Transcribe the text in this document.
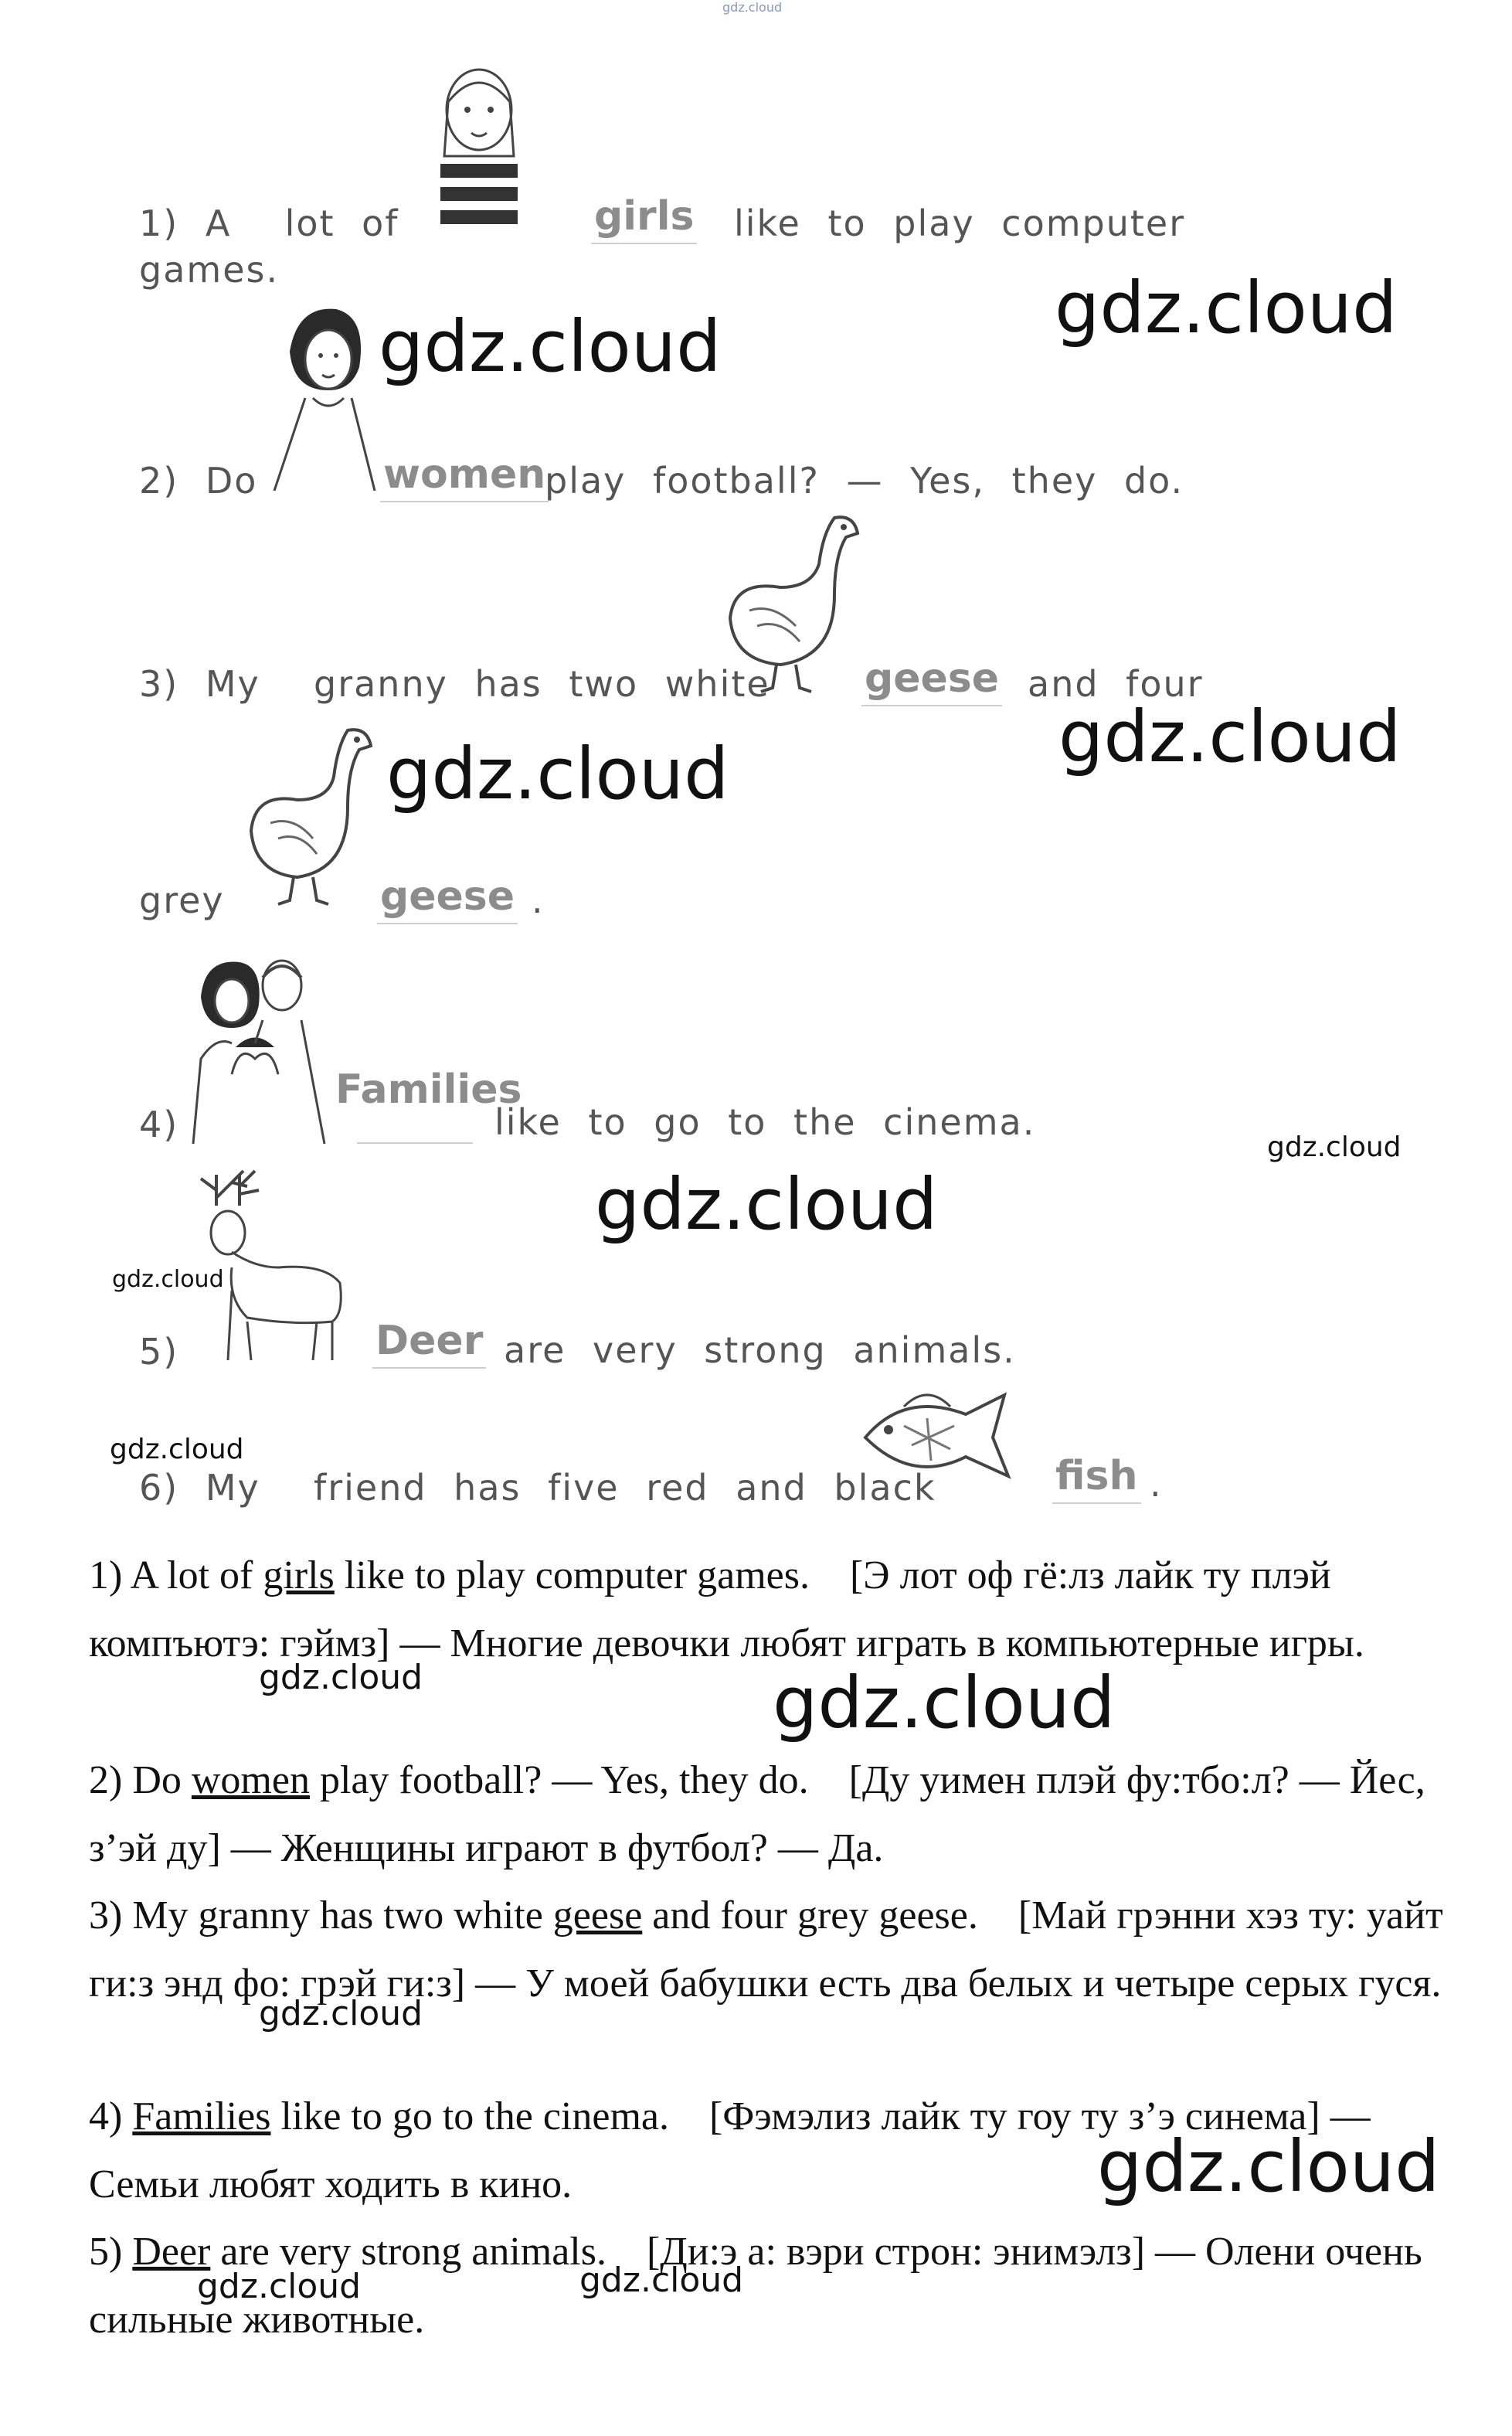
gdz.cloud
1) A lot of	girls like to play computer
games.	gdz.cloud
gdz.cloud
2) Do	women
play football? — Yes, they do.
3) My granny has two white geese and four
gdz.cloud
gdz.cloud
grey	geese .
4)
Families
like to go to the cinema.
gdz.cloud
gdz.cloud
gdz.cloud
5)	Deer are very strong animals.
gdz.cloud
6) My friend has five red and black	fish .
1) A lot of girls like to play computer games. [Э лот оф гё:лз лайк ту плэй компъютэ: гэймз] — Многие девочки любят играть в компьютерные игры.
2) Do women play football? — Yes, they do. [Ду уимен плэй фу:тбо:л? — Йес, з’эй ду] — Женщины играют в футбол? — Да.
3) My granny has two white geese and four grey geese. [Май грэнни хэз ту: уайт ги:з энд фо: грэй ги:з] — У моей бабушки есть два белых и четыре серых гуся.
4) Families like to go to the cinema. [Фэмэлиз лайк ту гоу ту з’э синема] — Семьи любят ходить в кино.
5) Deer are very strong animals. [Ди:э а: вэри строн: энимэлз] — Олени очень сильные животные.
gdz.cloud	gdz.cloud
gdz.cloud
gdz.cloud
gdz.cloud	gdz.cloud
